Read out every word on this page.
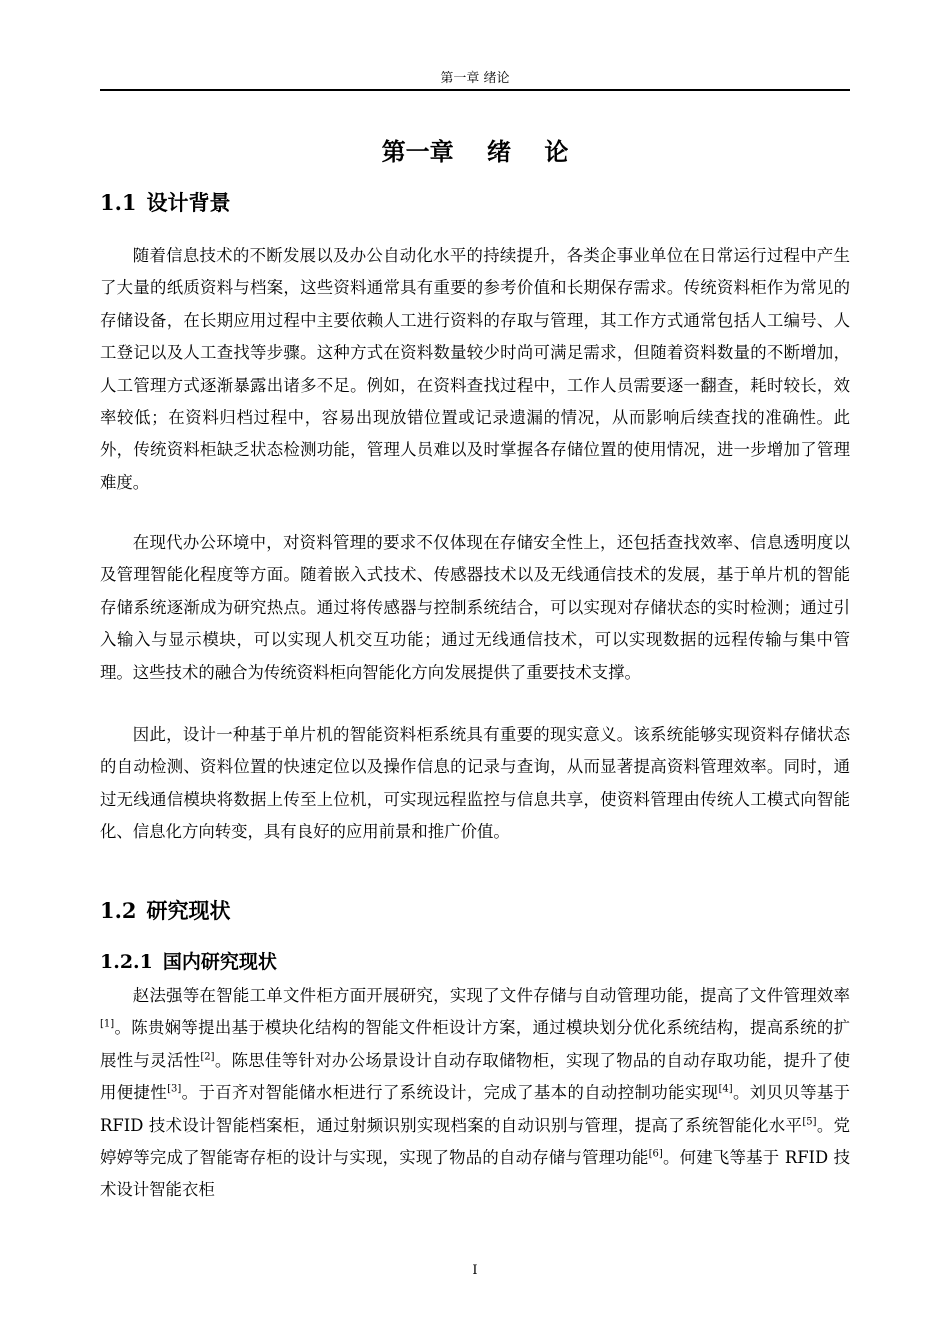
第一章 绪论
第一章    绪    论
1.1 设计背景

随着信息技术的不断发展以及办公自动化水平的持续提升，各类企事业单位在日常运行过程中产生了大量的纸质资料与档案，这些资料通常具有重要的参考价值和长期保存需求。传统资料柜作为常见的存储设备，在长期应用过程中主要依赖人工进行资料的存取与管理，其工作方式通常包括人工编号、人工登记以及人工查找等步骤。这种方式在资料数量较少时尚可满足需求，但随着资料数量的不断增加，人工管理方式逐渐暴露出诸多不足。例如，在资料查找过程中，工作人员需要逐一翻查，耗时较长，效率较低；在资料归档过程中，容易出现放错位置或记录遗漏的情况，从而影响后续查找的准确性。此外，传统资料柜缺乏状态检测功能，管理人员难以及时掌握各存储位置的使用情况，进一步增加了管理难度。

在现代办公环境中，对资料管理的要求不仅体现在存储安全性上，还包括查找效率、信息透明度以及管理智能化程度等方面。随着嵌入式技术、传感器技术以及无线通信技术的发展，基于单片机的智能存储系统逐渐成为研究热点。通过将传感器与控制系统结合，可以实现对存储状态的实时检测；通过引入输入与显示模块，可以实现人机交互功能；通过无线通信技术，可以实现数据的远程传输与集中管理。这些技术的融合为传统资料柜向智能化方向发展提供了重要技术支撑。

因此，设计一种基于单片机的智能资料柜系统具有重要的现实意义。该系统能够实现资料存储状态的自动检测、资料位置的快速定位以及操作信息的记录与查询，从而显著提高资料管理效率。同时，通过无线通信模块将数据上传至上位机，可实现远程监控与信息共享，使资料管理由传统人工模式向智能化、信息化方向转变，具有良好的应用前景和推广价值。

1.2 研究现状
1.2.1 国内研究现状

赵法强等在智能工单文件柜方面开展研究，实现了文件存储与自动管理功能，提高了文件管理效率[1]。陈贵娴等提出基于模块化结构的智能文件柜设计方案，通过模块划分优化系统结构，提高系统的扩展性与灵活性[2]。陈思佳等针对办公场景设计自动存取储物柜，实现了物品的自动存取功能，提升了使用便捷性[3]。于百齐对智能储水柜进行了系统设计，完成了基本的自动控制功能实现[4]。刘贝贝等基于 RFID 技术设计智能档案柜，通过射频识别实现档案的自动识别与管理，提高了系统智能化水平[5]。党婷婷等完成了智能寄存柜的设计与实现，实现了物品的自动存储与管理功能[6]。何建飞等基于 RFID 技术设计智能衣柜

I
